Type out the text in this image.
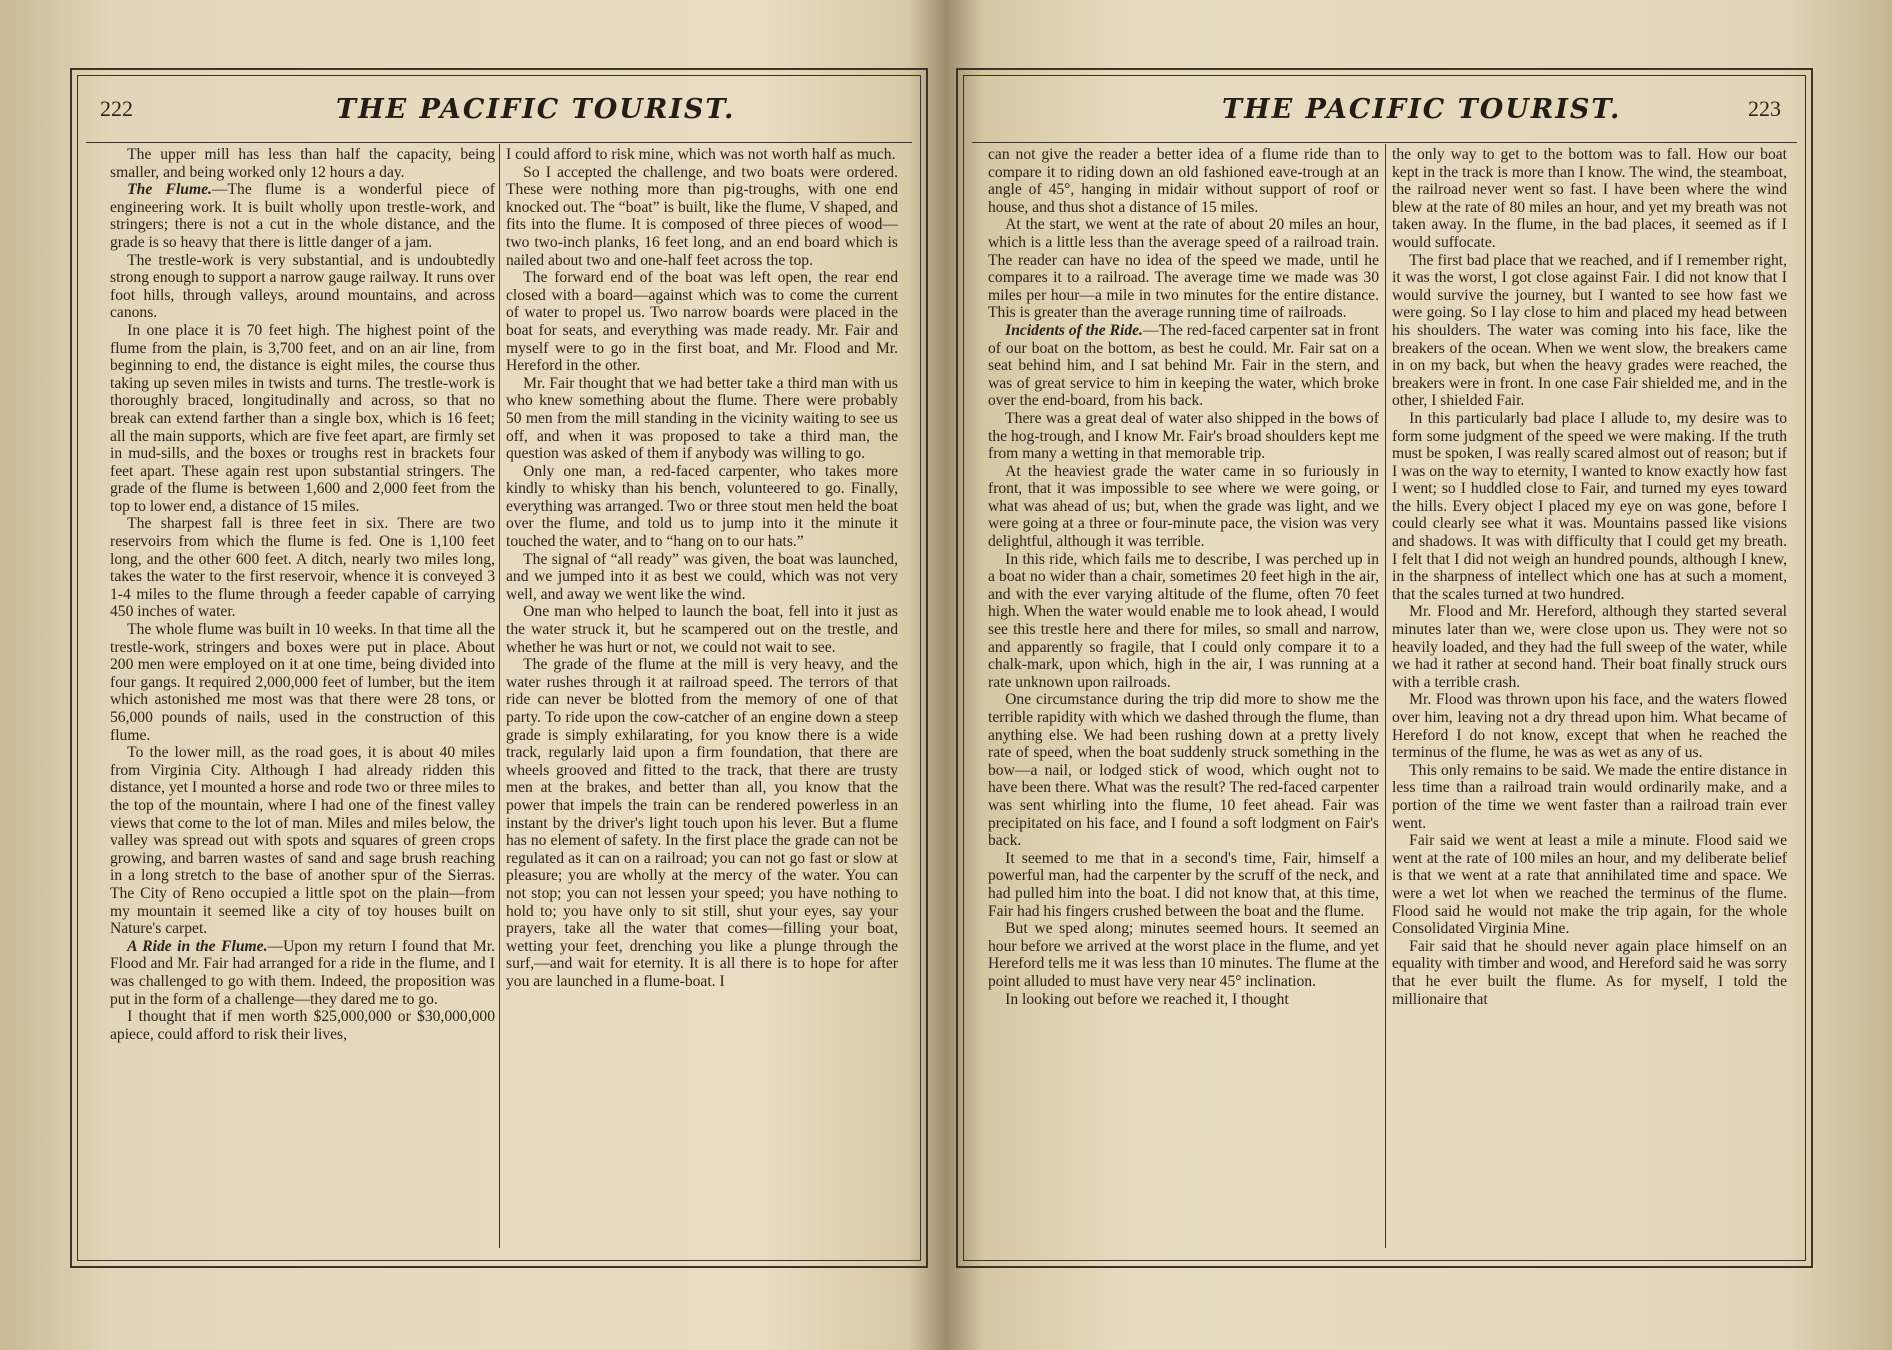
222	THE PACIFIC TOURIST.

The upper mill has less than half the capacity, being smaller, and being worked only 12 hours a day.

The Flume.—The flume is a wonderful piece of engineering work. It is built wholly upon trestle-work, and stringers; there is not a cut in the whole distance, and the grade is so heavy that there is little danger of a jam.

The trestle-work is very substantial, and is undoubtedly strong enough to support a narrow gauge railway. It runs over foot hills, through valleys, around mountains, and across canons.

In one place it is 70 feet high. The highest point of the flume from the plain, is 3,700 feet, and on an air line, from beginning to end, the distance is eight miles, the course thus taking up seven miles in twists and turns. The trestle-work is thoroughly braced, longitudinally and across, so that no break can extend farther than a single box, which is 16 feet; all the main supports, which are five feet apart, are firmly set in mud-sills, and the boxes or troughs rest in brackets four feet apart. These again rest upon substantial stringers. The grade of the flume is between 1,600 and 2,000 feet from the top to lower end, a distance of 15 miles.

The sharpest fall is three feet in six. There are two reservoirs from which the flume is fed. One is 1,100 feet long, and the other 600 feet. A ditch, nearly two miles long, takes the water to the first reservoir, whence it is conveyed 3 1-4 miles to the flume through a feeder capable of carrying 450 inches of water.

The whole flume was built in 10 weeks. In that time all the trestle-work, stringers and boxes were put in place. About 200 men were employed on it at one time, being divided into four gangs. It required 2,000,000 feet of lumber, but the item which astonished me most was that there were 28 tons, or 56,000 pounds of nails, used in the construction of this flume.

To the lower mill, as the road goes, it is about 40 miles from Virginia City. Although I had already ridden this distance, yet I mounted a horse and rode two or three miles to the top of the mountain, where I had one of the finest valley views that come to the lot of man. Miles and miles below, the valley was spread out with spots and squares of green crops growing, and barren wastes of sand and sage brush reaching in a long stretch to the base of another spur of the Sierras. The City of Reno occupied a little spot on the plain—from my mountain it seemed like a city of toy houses built on Nature's carpet.

A Ride in the Flume.—Upon my return I found that Mr. Flood and Mr. Fair had arranged for a ride in the flume, and I was challenged to go with them. Indeed, the proposition was put in the form of a challenge—they dared me to go.

I thought that if men worth $25,000,000 or $30,000,000 apiece, could afford to risk their lives,

I could afford to risk mine, which was not worth half as much.

So I accepted the challenge, and two boats were ordered. These were nothing more than pig-troughs, with one end knocked out. The “boat” is built, like the flume, V shaped, and fits into the flume. It is composed of three pieces of wood—two two-inch planks, 16 feet long, and an end board which is nailed about two and one-half feet across the top.

The forward end of the boat was left open, the rear end closed with a board—against which was to come the current of water to propel us. Two narrow boards were placed in the boat for seats, and everything was made ready. Mr. Fair and myself were to go in the first boat, and Mr. Flood and Mr. Hereford in the other.

Mr. Fair thought that we had better take a third man with us who knew something about the flume. There were probably 50 men from the mill standing in the vicinity waiting to see us off, and when it was proposed to take a third man, the question was asked of them if anybody was willing to go.

Only one man, a red-faced carpenter, who takes more kindly to whisky than his bench, volunteered to go. Finally, everything was arranged. Two or three stout men held the boat over the flume, and told us to jump into it the minute it touched the water, and to “hang on to our hats.”

The signal of “all ready” was given, the boat was launched, and we jumped into it as best we could, which was not very well, and away we went like the wind.

One man who helped to launch the boat, fell into it just as the water struck it, but he scampered out on the trestle, and whether he was hurt or not, we could not wait to see.

The grade of the flume at the mill is very heavy, and the water rushes through it at railroad speed. The terrors of that ride can never be blotted from the memory of one of that party. To ride upon the cow-catcher of an engine down a steep grade is simply exhilarating, for you know there is a wide track, regularly laid upon a firm foundation, that there are wheels grooved and fitted to the track, that there are trusty men at the brakes, and better than all, you know that the power that impels the train can be rendered powerless in an instant by the driver's light touch upon his lever. But a flume has no element of safety. In the first place the grade can not be regulated as it can on a railroad; you can not go fast or slow at pleasure; you are wholly at the mercy of the water. You can not stop; you can not lessen your speed; you have nothing to hold to; you have only to sit still, shut your eyes, say your prayers, take all the water that comes—filling your boat, wetting your feet, drenching you like a plunge through the surf,—and wait for eternity. It is all there is to hope for after you are launched in a flume-boat. I

THE PACIFIC TOURIST.	223

can not give the reader a better idea of a flume ride than to compare it to riding down an old fashioned eave-trough at an angle of 45°, hanging in midair without support of roof or house, and thus shot a distance of 15 miles.

At the start, we went at the rate of about 20 miles an hour, which is a little less than the average speed of a railroad train. The reader can have no idea of the speed we made, until he compares it to a railroad. The average time we made was 30 miles per hour—a mile in two minutes for the entire distance. This is greater than the average running time of railroads.

Incidents of the Ride.—The red-faced carpenter sat in front of our boat on the bottom, as best he could. Mr. Fair sat on a seat behind him, and I sat behind Mr. Fair in the stern, and was of great service to him in keeping the water, which broke over the end-board, from his back.

There was a great deal of water also shipped in the bows of the hog-trough, and I know Mr. Fair's broad shoulders kept me from many a wetting in that memorable trip.

At the heaviest grade the water came in so furiously in front, that it was impossible to see where we were going, or what was ahead of us; but, when the grade was light, and we were going at a three or four-minute pace, the vision was very delightful, although it was terrible.

In this ride, which fails me to describe, I was perched up in a boat no wider than a chair, sometimes 20 feet high in the air, and with the ever varying altitude of the flume, often 70 feet high. When the water would enable me to look ahead, I would see this trestle here and there for miles, so small and narrow, and apparently so fragile, that I could only compare it to a chalk-mark, upon which, high in the air, I was running at a rate unknown upon railroads.

One circumstance during the trip did more to show me the terrible rapidity with which we dashed through the flume, than anything else. We had been rushing down at a pretty lively rate of speed, when the boat suddenly struck something in the bow—a nail, or lodged stick of wood, which ought not to have been there. What was the result? The red-faced carpenter was sent whirling into the flume, 10 feet ahead. Fair was precipitated on his face, and I found a soft lodgment on Fair's back.

It seemed to me that in a second's time, Fair, himself a powerful man, had the carpenter by the scruff of the neck, and had pulled him into the boat. I did not know that, at this time, Fair had his fingers crushed between the boat and the flume.

But we sped along; minutes seemed hours. It seemed an hour before we arrived at the worst place in the flume, and yet Hereford tells me it was less than 10 minutes. The flume at the point alluded to must have very near 45° inclination.

In looking out before we reached it, I thought

the only way to get to the bottom was to fall. How our boat kept in the track is more than I know. The wind, the steamboat, the railroad never went so fast. I have been where the wind blew at the rate of 80 miles an hour, and yet my breath was not taken away. In the flume, in the bad places, it seemed as if I would suffocate.

The first bad place that we reached, and if I remember right, it was the worst, I got close against Fair. I did not know that I would survive the journey, but I wanted to see how fast we were going. So I lay close to him and placed my head between his shoulders. The water was coming into his face, like the breakers of the ocean. When we went slow, the breakers came in on my back, but when the heavy grades were reached, the breakers were in front. In one case Fair shielded me, and in the other, I shielded Fair.

In this particularly bad place I allude to, my desire was to form some judgment of the speed we were making. If the truth must be spoken, I was really scared almost out of reason; but if I was on the way to eternity, I wanted to know exactly how fast I went; so I huddled close to Fair, and turned my eyes toward the hills. Every object I placed my eye on was gone, before I could clearly see what it was. Mountains passed like visions and shadows. It was with difficulty that I could get my breath. I felt that I did not weigh an hundred pounds, although I knew, in the sharpness of intellect which one has at such a moment, that the scales turned at two hundred.

Mr. Flood and Mr. Hereford, although they started several minutes later than we, were close upon us. They were not so heavily loaded, and they had the full sweep of the water, while we had it rather at second hand. Their boat finally struck ours with a terrible crash.

Mr. Flood was thrown upon his face, and the waters flowed over him, leaving not a dry thread upon him. What became of Hereford I do not know, except that when he reached the terminus of the flume, he was as wet as any of us.

This only remains to be said. We made the entire distance in less time than a railroad train would ordinarily make, and a portion of the time we went faster than a railroad train ever went.

Fair said we went at least a mile a minute. Flood said we went at the rate of 100 miles an hour, and my deliberate belief is that we went at a rate that annihilated time and space. We were a wet lot when we reached the terminus of the flume. Flood said he would not make the trip again, for the whole Consolidated Virginia Mine.

Fair said that he should never again place himself on an equality with timber and wood, and Hereford said he was sorry that he ever built the flume. As for myself, I told the millionaire that
